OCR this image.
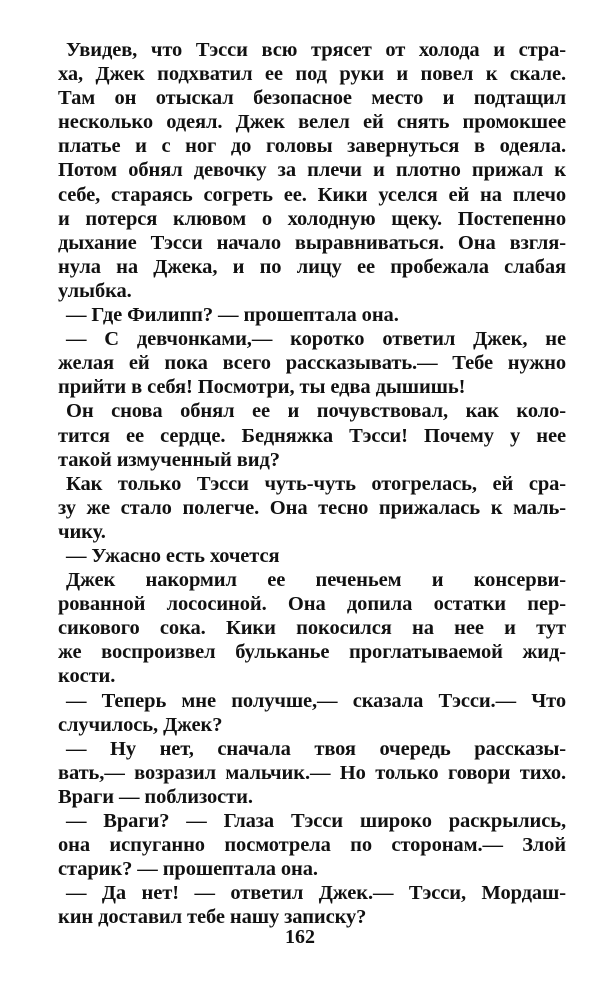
Увидев, что Тэсси всю трясет от холода и стра-
ха, Джек подхватил ее под руки и повел к скале.
Там он отыскал безопасное место и подтащил
несколько одеял. Джек велел ей снять промокшее
платье и с ног до головы завернуться в одеяла.
Потом обнял девочку за плечи и плотно прижал к
себе, стараясь согреть ее. Кики уселся ей на плечо
и потерся клювом о холодную щеку. Постепенно
дыхание Тэсси начало выравниваться. Она взгля-
нула на Джека, и по лицу ее пробежала слабая
улыбка.
— Где Филипп? — прошептала она.
— С девчонками,— коротко ответил Джек, не
желая ей пока всего рассказывать.— Тебе нужно
прийти в себя! Посмотри, ты едва дышишь!
Он снова обнял ее и почувствовал, как коло-
тится ее сердце. Бедняжка Тэсси! Почему у нее
такой измученный вид?
Как только Тэсси чуть-чуть отогрелась, ей сра-
зу же стало полегче. Она тесно прижалась к маль-
чику.
— Ужасно есть хочется
Джек накормил ее печеньем и консерви-
рованной лососиной. Она допила остатки пер-
сикового сока. Кики покосился на нее и тут
же воспроизвел бульканье проглатываемой жид-
кости.
— Теперь мне получше,— сказала Тэсси.— Что
случилось, Джек?
— Ну нет, сначала твоя очередь рассказы-
вать,— возразил мальчик.— Но только говори тихо.
Враги — поблизости.
— Враги? — Глаза Тэсси широко раскрылись,
она испуганно посмотрела по сторонам.— Злой
старик? — прошептала она.
— Да нет! — ответил Джек.— Тэсси, Мордаш-
кин доставил тебе нашу записку?
162
